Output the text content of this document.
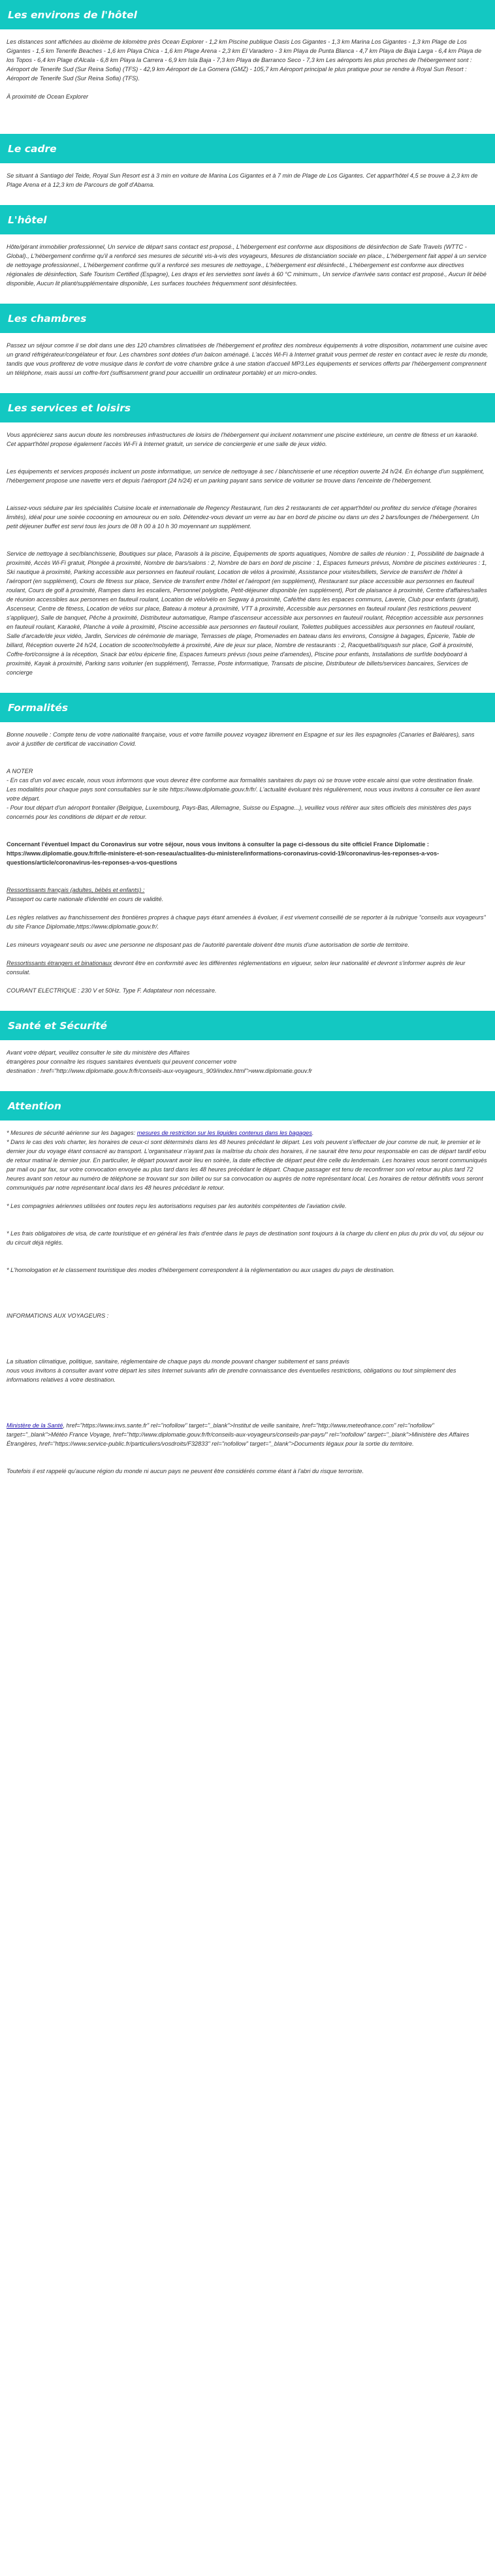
Les environs de l'hôtel

Les distances sont affichées au dixième de kilomètre près Ocean Explorer - 1,2 km Piscine publique Oasis Los Gigantes - 1,3 km Marina Los Gigantes - 1,3 km Plage de Los Gigantes - 1,5 km Tenerife Beaches - 1,6 km Playa Chica - 1,6 km Plage Arena - 2,3 km El Varadero - 3 km Playa de Punta Blanca - 4,7 km Playa de Baja Larga - 6,4 km Playa de los Topos - 6,4 km Plage d'Alcala - 6,8 km Playa la Carrera - 6,9 km Isla Baja - 7,3 km Playa de Barranco Seco - 7,3 km Les aéroports les plus proches de l'hébergement sont : Aéroport de Tenerife Sud (Sur Reina Sofia) (TFS) - 42,9 km Aéroport de La Gomera (GMZ) - 105,7 km Aéroport principal le plus pratique pour se rendre à Royal Sun Resort : Aéroport de Tenerife Sud (Sur Reina Sofia) (TFS).

À proximité de Ocean Explorer

Le cadre

Se situant à Santiago del Teide, Royal Sun Resort est à 3 min en voiture de Marina Los Gigantes et à 7 min de Plage de Los Gigantes. Cet appart'hôtel 4,5 se trouve à 2,3 km de Plage Arena et à 12,3 km de Parcours de golf d'Abama.

L'hôtel

Hôte/gérant immobilier professionnel, Un service de départ sans contact est proposé., L'hébergement est conforme aux dispositions de désinfection de Safe Travels (WTTC - Global)., L'hébergement confirme qu'il a renforcé ses mesures de sécurité vis-à-vis des voyageurs, Mesures de distanciation sociale en place., L'hébergement fait appel à un service de nettoyage professionnel., L'hébergement confirme qu'il a renforcé ses mesures de nettoyage., L'hébergement est désinfecté., L'hébergement est conforme aux directives régionales de désinfection, Safe Tourism Certified (Espagne), Les draps et les serviettes sont lavés à 60 °C minimum., Un service d'arrivée sans contact est proposé., Aucun lit bébé disponible, Aucun lit pliant/supplémentaire disponible, Les surfaces touchées fréquemment sont désinfectées.

Les chambres

Passez un séjour comme il se doit dans une des 120 chambres climatisées de l'hébergement et profitez des nombreux équipements à votre disposition, notamment une cuisine avec un grand réfrigérateur/congélateur et four. Les chambres sont dotées d'un balcon aménagé. L'accès Wi-Fi à Internet gratuit vous permet de rester en contact avec le reste du monde, tandis que vous profiterez de votre musique dans le confort de votre chambre grâce à une station d'accueil MP3.Les équipements et services offerts par l'hébergement comprennent un téléphone, mais aussi un coffre-fort (suffisamment grand pour accueillir un ordinateur portable) et un micro-ondes.

Les services et loisirs

Vous apprécierez sans aucun doute les nombreuses infrastructures de loisirs de l'hébergement qui incluent notamment une piscine extérieure, un centre de fitness et un karaoké. Cet appart'hôtel propose également l'accès Wi-Fi à Internet gratuit, un service de conciergerie et une salle de jeux vidéo.

Les équipements et services proposés incluent un poste informatique, un service de nettoyage à sec / blanchisserie et une réception ouverte 24 h/24. En échange d'un supplément, l'hébergement propose une navette vers et depuis l'aéroport (24 h/24) et un parking payant sans service de voiturier se trouve dans l'enceinte de l'hébergement.

Laissez-vous séduire par les spécialités Cuisine locale et internationale de Regency Restaurant, l'un des 2 restaurants de cet appart'hôtel ou profitez du service d'étage (horaires limités), idéal pour une soirée cocooning en amoureux ou en solo. Détendez-vous devant un verre au bar en bord de piscine ou dans un des 2 bars/lounges de l'hébergement. Un petit déjeuner buffet est servi tous les jours de 08 h 00 à 10 h 30 moyennant un supplément.

Service de nettoyage à sec/blanchisserie, Boutiques sur place, Parasols à la piscine, Équipements de sports aquatiques, Nombre de salles de réunion : 1, Possibilité de baignade à proximité, Accès Wi-Fi gratuit, Plongée à proximité, Nombre de bars/salons : 2, Nombre de bars en bord de piscine : 1, Espaces fumeurs prévus, Nombre de piscines extérieures : 1, Ski nautique à proximité, Parking accessible aux personnes en fauteuil roulant, Location de vélos à proximité, Assistance pour visites/billets, Service de transfert de l'hôtel à l'aéroport (en supplément), Cours de fitness sur place, Service de transfert entre l'hôtel et l'aéroport (en supplément), Restaurant sur place accessible aux personnes en fauteuil roulant, Cours de golf à proximité, Rampes dans les escaliers, Personnel polyglotte, Petit-déjeuner disponible (en supplément), Port de plaisance à proximité, Centre d'affaires/salles de réunion accessibles aux personnes en fauteuil roulant, Location de vélo/vélo en Segway à proximité, Café/thé dans les espaces communs, Laverie, Club pour enfants (gratuit), Ascenseur, Centre de fitness, Location de vélos sur place, Bateau à moteur à proximité, VTT à proximité, Accessible aux personnes en fauteuil roulant (les restrictions peuvent s'appliquer), Salle de banquet, Pêche à proximité, Distributeur automatique, Rampe d'ascenseur accessible aux personnes en fauteuil roulant, Réception accessible aux personnes en fauteuil roulant, Karaoké, Planche à voile à proximité, Piscine accessible aux personnes en fauteuil roulant, Toilettes publiques accessibles aux personnes en fauteuil roulant, Salle d'arcade/de jeux vidéo, Jardin, Services de cérémonie de mariage, Terrasses de plage, Promenades en bateau dans les environs, Consigne à bagages, Épicerie, Table de billard, Réception ouverte 24 h/24, Location de scooter/mobylette à proximité, Aire de jeux sur place, Nombre de restaurants : 2, Racquetball/squash sur place, Golf à proximité, Coffre-fort/consigne à la réception, Snack bar et/ou épicerie fine, Espaces fumeurs prévus (sous peine d'amendes), Piscine pour enfants, Installations de surf/de bodyboard à proximité, Kayak à proximité, Parking sans voiturier (en supplément), Terrasse, Poste informatique, Transats de piscine, Distributeur de billets/services bancaires, Services de concierge

Formalités

Bonne nouvelle : Compte tenu de votre nationalité française, vous et votre famille pouvez voyagez librement en Espagne et sur les îles espagnoles (Canaries et Baléares), sans avoir à justifier de certificat de vaccination Covid.

A NOTER
- En cas d'un vol avec escale, nous vous informons que vous devrez être conforme aux formalités sanitaires du pays où se trouve votre escale ainsi que votre destination finale.
Les modalités pour chaque pays sont consultables sur le site https://www.diplomatie.gouv.fr/fr/. L'actualité évoluant très régulièrement, nous vous invitons à consulter ce lien avant votre départ.

- Pour tout départ d'un aéroport frontalier (Belgique, Luxembourg, Pays-Bas, Allemagne, Suisse ou Espagne...), veuillez vous référer aux sites officiels des ministères des pays concernés pour les conditions de départ et de retour.

Concernant l'éventuel Impact du Coronavirus sur votre séjour, nous vous invitons à consulter la page ci-dessous du site officiel France Diplomatie : https://www.diplomatie.gouv.fr/fr/le-ministere-et-son-reseau/actualites-du-ministere/informations-coronavirus-covid-19/coronavirus-les-reponses-a-vos-questions/article/coronavirus-les-reponses-a-vos-questions

Ressortissants français (adultes, bébés et enfants) :

Passeport ou carte nationale d'identité en cours de validité.

Les règles relatives au franchissement des frontières propres à chaque pays étant amenées à évoluer, il est vivement conseillé de se reporter à la rubrique "conseils aux voyageurs" du site France Diplomatie,https://www.diplomatie.gouv.fr/.

Les mineurs voyageant seuls ou avec une personne ne disposant pas de l'autorité parentale doivent être munis d'une autorisation de sortie de territoire.

Ressortissants étrangers et binationaux devront être en conformité avec les différentes réglementations en vigueur, selon leur nationalité et devront s'informer auprès de leur consulat.

COURANT ELECTRIQUE : 230 V et 50Hz. Type F. Adaptateur non nécessaire.

Santé et Sécurité
Avant votre départ, veuillez consulter le site du ministère des Affaires
étrangères pour connaître les risques sanitaires éventuels qui peuvent concerner votre

destination : href="http://www.diplomatie.gouv.fr/fr/conseils-aux-voyageurs_909/index.html">www.diplomatie.gouv.fr

Attention
* Mesures de sécurité aérienne sur les bagages: mesures de restriction sur les liquides contenus dans les bagages.

* Dans le cas des vols charter, les horaires de ceux-ci sont déterminés dans les 48 heures précédant le départ. Les vols peuvent s'effectuer de jour comme de nuit, le premier et le dernier jour du voyage étant consacré au transport. L'organisateur n'ayant pas la maîtrise du choix des horaires, il ne saurait être tenu pour responsable en cas de départ tardif et/ou de retour matinal le dernier jour. En particulier, le départ pouvant avoir lieu en soirée, la date effective de départ peut être celle du lendemain. Les horaires vous seront communiqués par mail ou par fax, sur votre convocation envoyée au plus tard dans les 48 heures précédant le départ. Chaque passager est tenu de reconfirmer son vol retour au plus tard 72 heures avant son retour au numéro de téléphone se trouvant sur son billet ou sur sa convocation ou auprès de notre représentant local. Les horaires de retour définitifs vous seront communiqués par notre représentant local dans les 48 heures précédant le retour.

* Les compagnies aériennes utilisées ont toutes reçu les autorisations requises par les autorités compétentes de l'aviation civile.

* Les frais obligatoires de visa, de carte touristique et en général les frais d'entrée dans le pays de destination sont toujours à la charge du client en plus du prix du vol, du séjour ou du circuit déjà réglés.

* L'homologation et le classement touristique des modes d'hébergement correspondent à la réglementation ou aux usages du pays de destination.

INFORMATIONS AUX VOYAGEURS :

La situation climatique, politique, sanitaire, réglementaire de chaque pays du monde pouvant changer subitement et sans préavis

nous vous invitons à consulter avant votre départ les sites Internet suivants afin de prendre connaissance des éventuelles restrictions, obligations ou tout simplement des informations relatives à votre destination.

Ministère de la Santé, href="https://www.invs.sante.fr" rel="nofollow" target="_blank">Institut de veille sanitaire, href="http://www.meteofrance.com" rel="nofollow" target="_blank">Météo France Voyage, href="http://www.diplomatie.gouv.fr/fr/conseils-aux-voyageurs/conseils-par-pays/" rel="nofollow" target="_blank">Ministère des Affaires Étrangères, href="https://www.service-public.fr/particuliers/vosdroits/F32833" rel="nofollow" target="_blank">Documents légaux pour la sortie du territoire.

Toutefois il est rappelé qu'aucune région du monde ni aucun pays ne peuvent être considérés comme étant à l'abri du risque terroriste.
